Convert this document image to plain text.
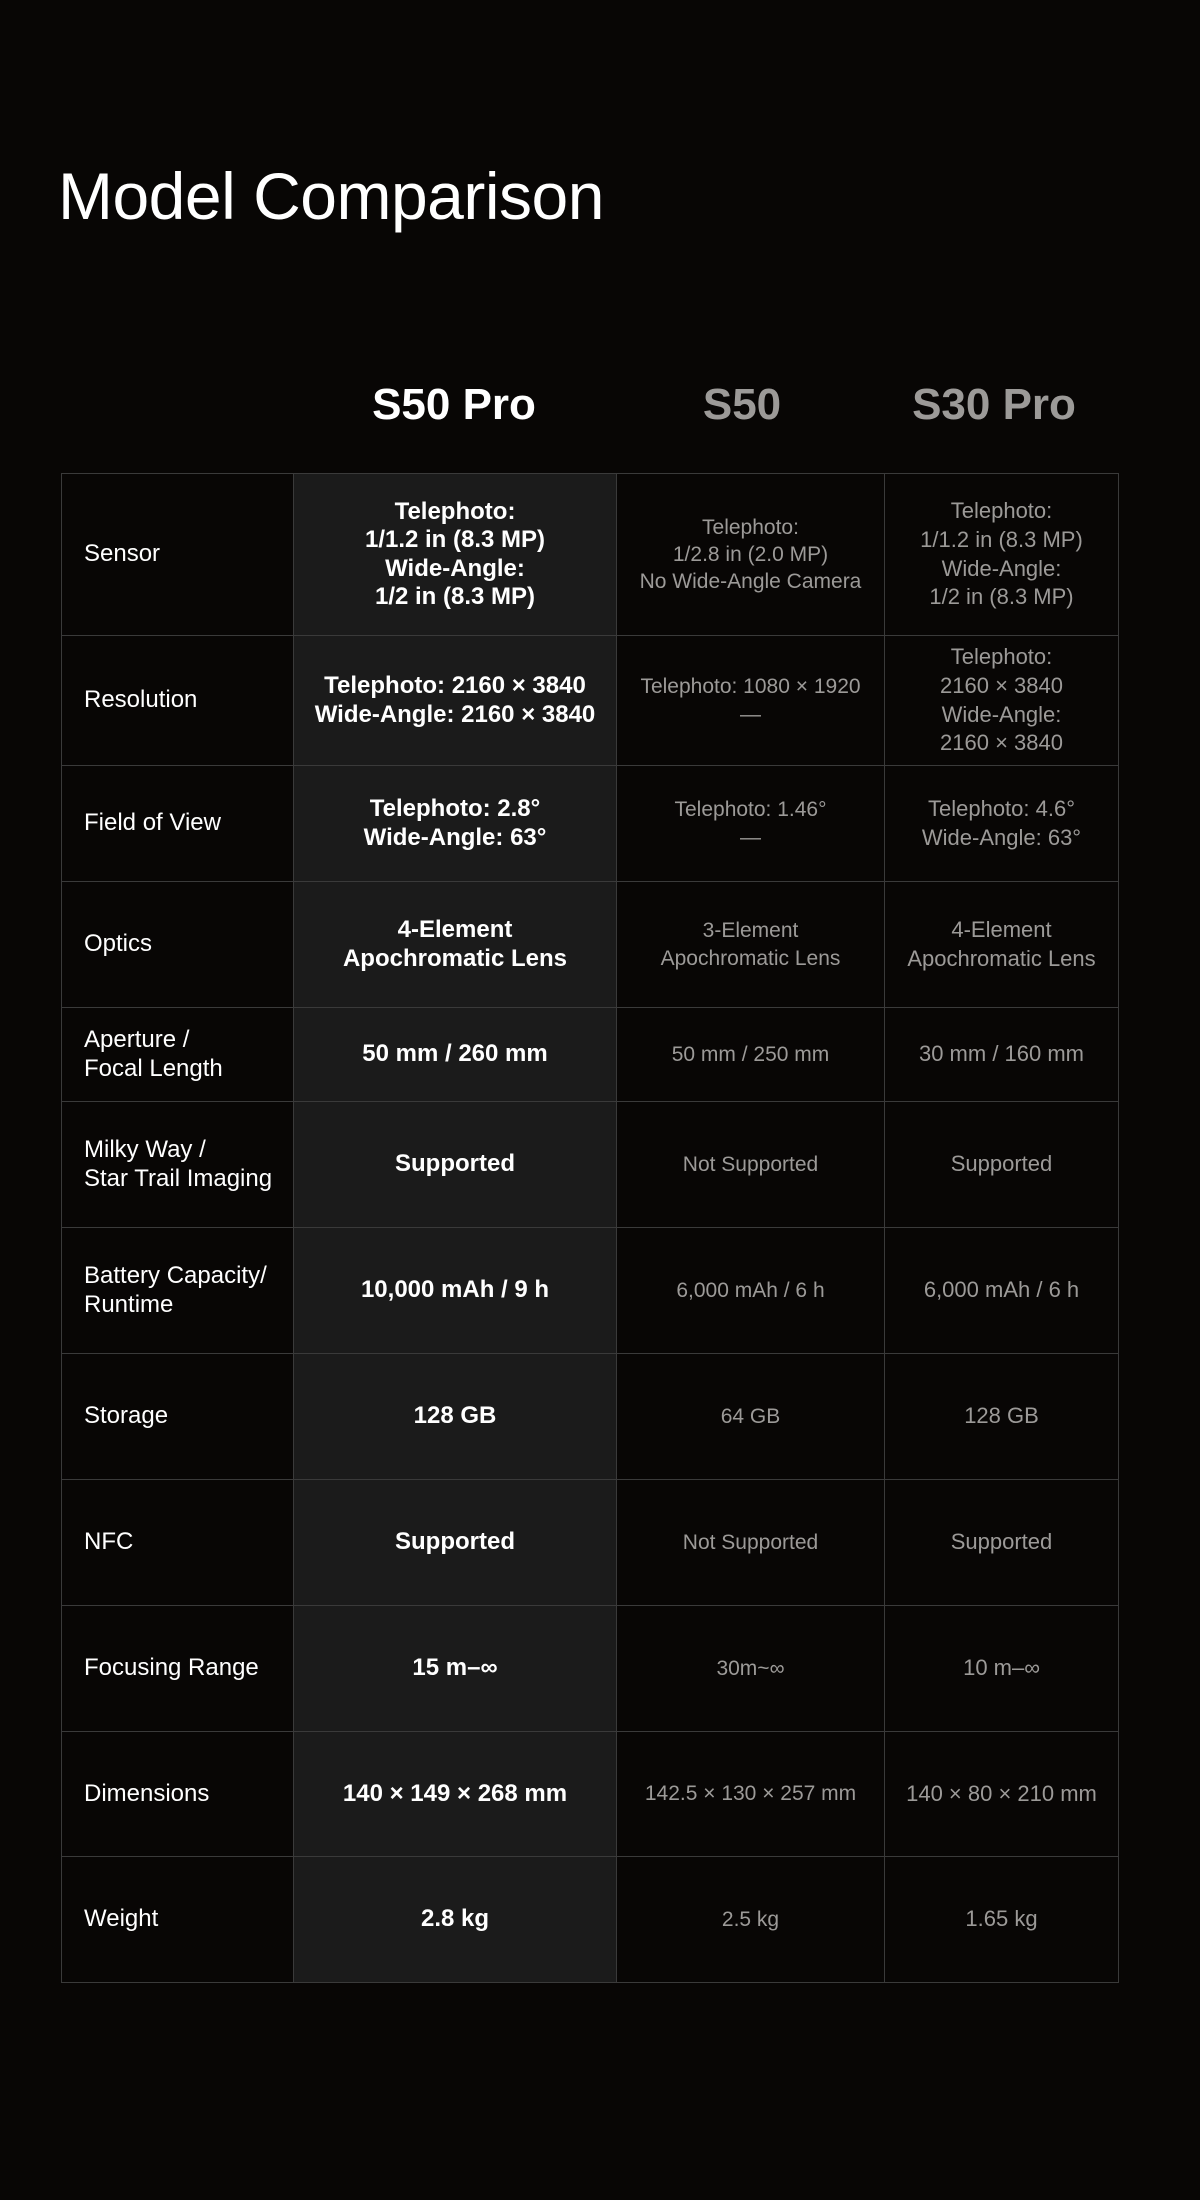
Model Comparison
S50 Pro	S50	S30 Pro
Sensor	Telephoto:
1/1.2 in (8.3 MP)
Wide-Angle:
1/2 in (8.3 MP)	Telephoto:
1/2.8 in (2.0 MP)
No Wide-Angle Camera	Telephoto:
1/1.2 in (8.3 MP)
Wide-Angle:
1/2 in (8.3 MP)

Resolution	Telephoto: 2160 × 3840
Wide-Angle: 2160 × 3840	Telephoto: 1080 × 1920
—	Telephoto:
2160 × 3840
Wide-Angle:
2160 × 3840

Field of View	Telephoto: 2.8°
Wide-Angle: 63°	Telephoto: 1.46°
—	Telephoto: 4.6°
Wide-Angle: 63°

Optics	4-Element
Apochromatic Lens	3-Element
Apochromatic Lens	4-Element
Apochromatic Lens

Aperture /
Focal Length	50 mm / 260 mm	50 mm / 250 mm	30 mm / 160 mm

Milky Way /
Star Trail Imaging	Supported	Not Supported	Supported

Battery Capacity/
Runtime	10,000 mAh / 9 h	6,000 mAh / 6 h	6,000 mAh / 6 h

Storage	128 GB	64 GB	128 GB

NFC	Supported	Not Supported	Supported

Focusing Range	15 m–∞	30m~∞	10 m–∞

Dimensions	140 × 149 × 268 mm	142.5 × 130 × 257 mm	140 × 80 × 210 mm

Weight	2.8 kg	2.5 kg	1.65 kg
